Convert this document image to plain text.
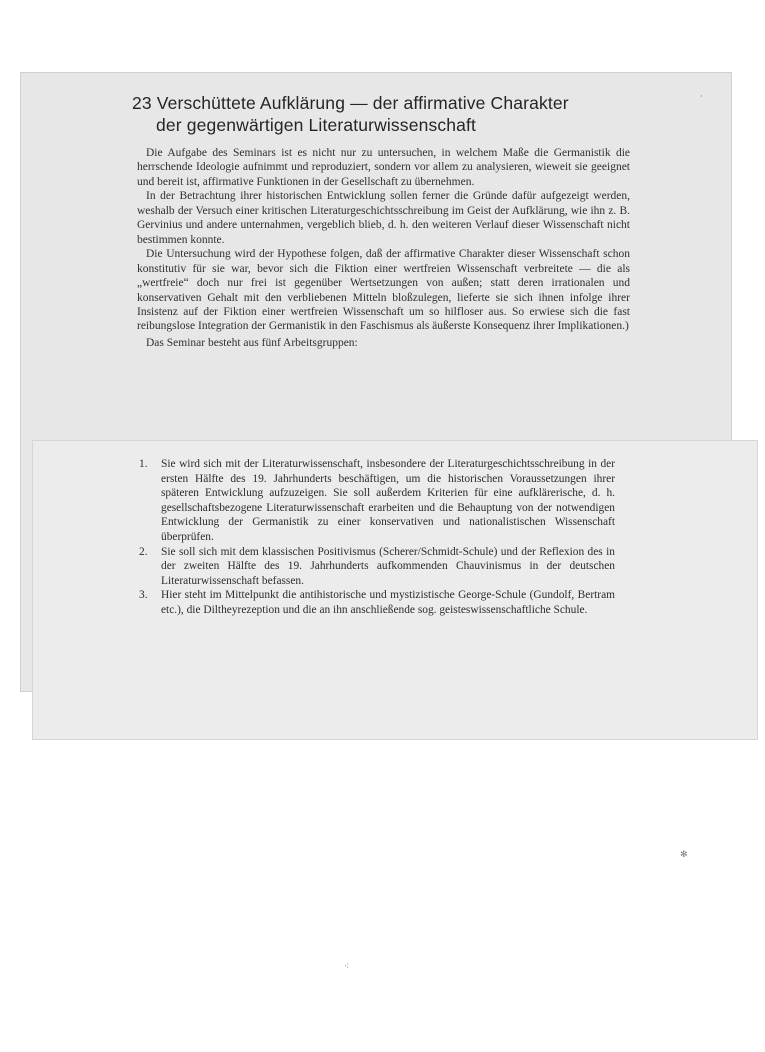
23 Verschüttete Aufklärung — der affirmative Charakter
der gegenwärtigen Literaturwissenschaft

Die Aufgabe des Seminars ist es nicht nur zu untersuchen, in welchem Maße die Germanistik die herrschende Ideologie aufnimmt und reproduziert, sondern vor allem zu analysieren, wieweit sie geeignet und bereit ist, affirmative Funktionen in der Gesellschaft zu übernehmen.

In der Betrachtung ihrer historischen Entwicklung sollen ferner die Gründe dafür aufgezeigt werden, weshalb der Versuch einer kritischen Literaturgeschichtsschreibung im Geist der Aufklärung, wie ihn z. B. Gervinius und andere unternahmen, vergeblich blieb, d. h. den weiteren Verlauf dieser Wissenschaft nicht bestimmen konnte.

Die Untersuchung wird der Hypothese folgen, daß der affirmative Charakter dieser Wissenschaft schon konstitutiv für sie war, bevor sich die Fiktion einer wertfreien Wissenschaft verbreitete — die als „wertfreie“ doch nur frei ist gegenüber Wertsetzungen von außen; statt deren irrationalen und konservativen Gehalt mit den verbliebenen Mitteln bloßzulegen, lieferte sie sich ihnen infolge ihrer Insistenz auf der Fiktion einer wertfreien Wissenschaft um so hilfloser aus. So erwiese sich die fast reibungslose Integration der Germanistik in den Faschismus als äußerste Konsequenz ihrer Implikationen.)

Das Seminar besteht aus fünf Arbeitsgruppen:

1. Sie wird sich mit der Literaturwissenschaft, insbesondere der Literaturgeschichtsschreibung in der ersten Hälfte des 19. Jahrhunderts beschäftigen, um die historischen Voraussetzungen ihrer späteren Entwicklung aufzuzeigen. Sie soll außerdem Kriterien für eine aufklärerische, d. h. gesellschaftsbezogene Literaturwissenschaft erarbeiten und die Behauptung von der notwendigen Entwicklung der Germanistik zu einer konservativen und nationalistischen Wissenschaft überprüfen.
2. Sie soll sich mit dem klassischen Positivismus (Scherer/Schmidt-Schule) und der Reflexion des in der zweiten Hälfte des 19. Jahrhunderts aufkommenden Chauvinismus in der deutschen Literaturwissenschaft befassen.
3. Hier steht im Mittelpunkt die antihistorische und mystizistische George-Schule (Gundolf, Bertram etc.), die Diltheyrezeption und die an ihn anschließende sog. geisteswissenschaftliche Schule.
✻
⁖
·
